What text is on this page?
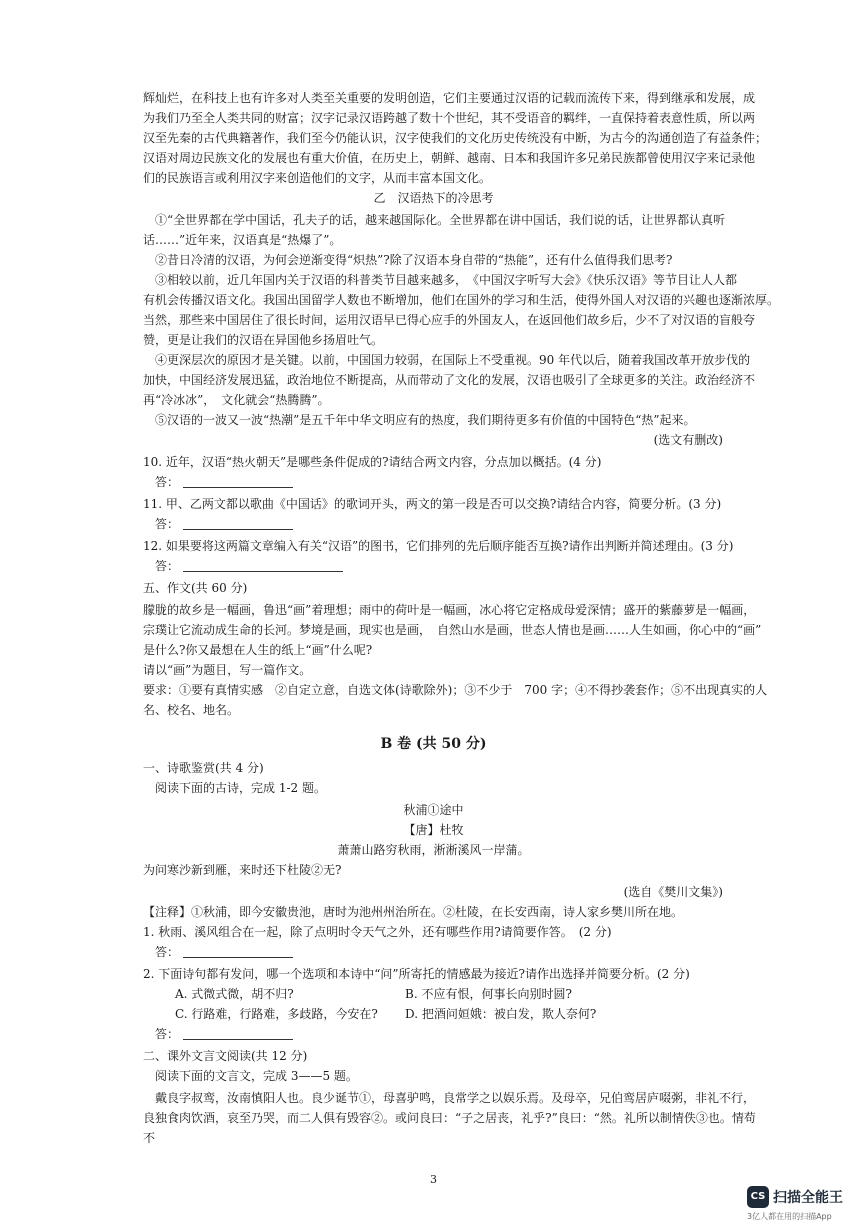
辉灿烂，在科技上也有许多对人类至关重要的发明创造，它们主要通过汉语的记载而流传下来，得到继承和发展，成
为我们乃至全人类共同的财富；汉字记录汉语跨越了数十个世纪，其不受语音的羁绊，一直保持着表意性质，所以两
汉至先秦的古代典籍著作，我们至今仍能认识，汉字使我们的文化历史传统没有中断，为古今的沟通创造了有益条件；
汉语对周边民族文化的发展也有重大价值，在历史上，朝鲜、越南、日本和我国许多兄弟民族都曾使用汉字来记录他
们的民族语言或利用汉字来创造他们的文字，从而丰富本国文化。
乙　汉语热下的冷思考
①“全世界都在学中国话，孔夫子的话，越来越国际化。全世界都在讲中国话，我们说的话，让世界都认真听
话……”近年来，汉语真是“热爆了”。
②昔日冷清的汉语，为何会逆渐变得“炽热”?除了汉语本身自带的“热能”，还有什么值得我们思考?
③相较以前，近几年国内关于汉语的科普类节目越来越多，　《中国汉字听写大会》《快乐汉语》等节目让人人都
有机会传播汉语文化。我国出国留学人数也不断增加，他们在国外的学习和生活，使得外国人对汉语的兴趣也逐渐浓厚。
当然，那些来中国居住了很长时间，运用汉语早已得心应手的外国友人，在返回他们故乡后，少不了对汉语的盲般夸
赞，更是让我们的汉语在异国他乡扬眉吐气。
④更深层次的原因才是关键。以前，中国国力较弱，在国际上不受重视。90 年代以后，随着我国改革开放步伐的
加快，中国经济发展迅猛，政治地位不断提高，从而带动了文化的发展，汉语也吸引了全球更多的关注。政治经济不
再“冷冰冰”，　文化就会“热腾腾”。
⑤汉语的一波又一波“热潮”是五千年中华文明应有的热度，我们期待更多有价值的中国特色“热”起来。
(选文有删改)
10. 近年，汉语“热火朝天”是哪些条件促成的?请结合两文内容，分点加以概括。(4 分)
答：
11. 甲、乙两文都以歌曲《中国话》的歌词开头，两文的第一段是否可以交换?请结合内容，简要分析。(3 分)
答：
12. 如果要将这两篇文章编入有关“汉语”的图书，它们排列的先后顺序能否互换?请作出判断并简述理由。(3 分)
答：
五、作文(共 60 分)
朦胧的故乡是一幅画，鲁迅“画”着理想；雨中的荷叶是一幅画，冰心将它定格成母爱深情；盛开的紫藤萝是一幅画，
宗璞让它流动成生命的长河。梦境是画，现实也是画，　自然山水是画，世态人情也是画……人生如画，你心中的“画”
是什么?你又最想在人生的纸上“画”什么呢?
请以“画”为题目，写一篇作文。
要求：①要有真情实感　②自定立意，自选文体(诗歌除外)；③不少于　700 字；④不得抄袭套作；⑤不出现真实的人
名、校名、地名。
B 卷 (共 50 分)
一、诗歌鉴赏(共 4 分)
阅读下面的古诗，完成 1-2 题。
秋浦①途中
【唐】杜牧
萧萧山路穷秋雨，淅淅溪风一岸蒲。
为问寒沙新到雁，来时还下杜陵②无?
(选自《樊川文集》)
【注释】①秋浦，即今安徽贵池，唐时为池州州治所在。②杜陵，在长安西南，诗人家乡樊川所在地。
1. 秋雨、溪风组合在一起，除了点明时令天气之外，还有哪些作用?请简要作答。　(2 分)
答：
2. 下面诗句都有发问，哪一个选项和本诗中“问”所寄托的情感最为接近?请作出选择并简要分析。(2 分)
A. 式微式微，胡不归?	B. 不应有恨，何事长向别时圆?
C. 行路难，行路难，多歧路，今安在? D. 把酒问姮娥：被白发，欺人奈何?
答：
二、课外文言文阅读(共 12 分)
阅读下面的文言文，完成 3——5 题。
戴良字叔鸾，汝南慎阳人也。良少诞节①，母喜驴鸣，良常学之以娱乐焉。及母卒，兄伯鸾居庐啜粥，非礼不行，
良独食肉饮酒，哀至乃哭，而二人俱有毁容②。或问良曰：“子之居丧，礼乎?”良曰：“然。礼所以制情佚③也。情苟
不
3
CS 扫描全能王
3亿人都在用的扫描App
